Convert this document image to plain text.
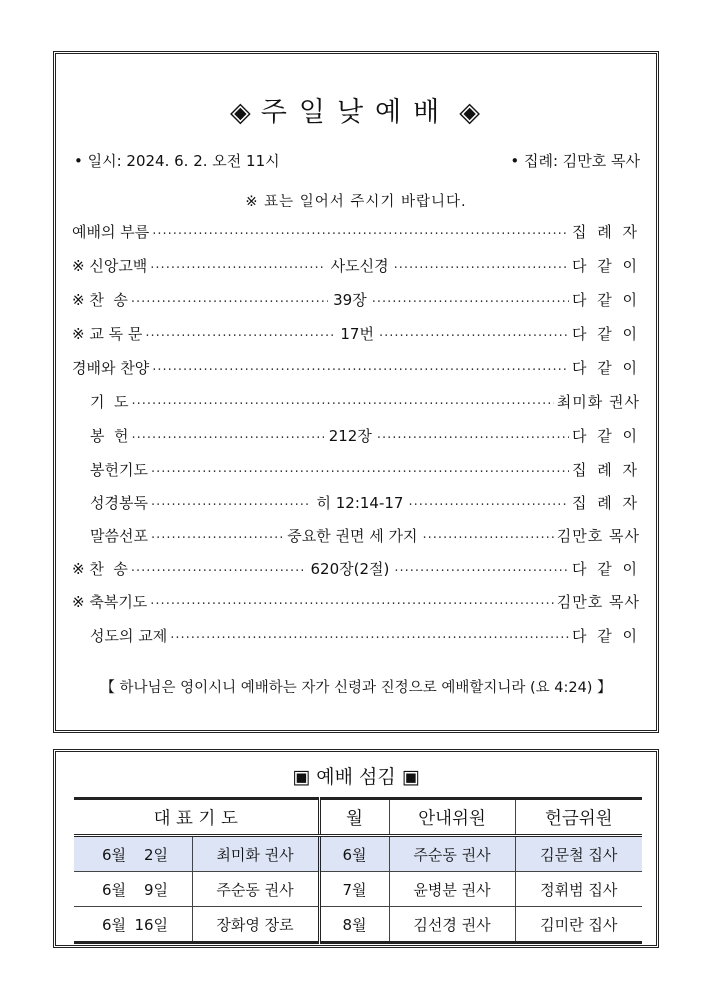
◈ 주일낮예배 ◈
• 일시: 2024. 6. 2. 오전 11시	• 집례: 김만호 목사
※ 표는 일어서 주시기 바랍니다.
예배의 부름 .....	집 례 자
※ 신앙고백 .....	사도신경 .....	다 같 이
※ 찬  송 .....	39장 .....	다 같 이
※ 교 독 문 .....	17번 .....	다 같 이
경배와 찬양 .....	다 같 이
기  도 .....	최미화 권사
봉  헌 .....	212장 .....	다 같 이
봉헌기도 .....	집 례 자
성경봉독 .....	히 12:14-17 .....	집 례 자
말씀선포 .....	중요한 권면 세 가지 .....	김만호 목사
※ 찬  송 .....	620장(2절) .....	다 같 이
※ 축복기도 .....	김만호 목사
성도의 교제 .....	다 같 이
【 하나님은 영이시니 예배하는 자가 신령과 진정으로 예배할지니라 (요 4:24) 】
▣ 예배 섬김 ▣
대 표 기 도		월	안내위원	헌금위원
6월 2일	최미화 권사	6월	주순동 권사	김문철 집사
6월 9일	주순동 권사	7월	윤병분 권사	정휘범 집사
6월 16일	장화영 장로	8월	김선경 권사	김미란 집사
